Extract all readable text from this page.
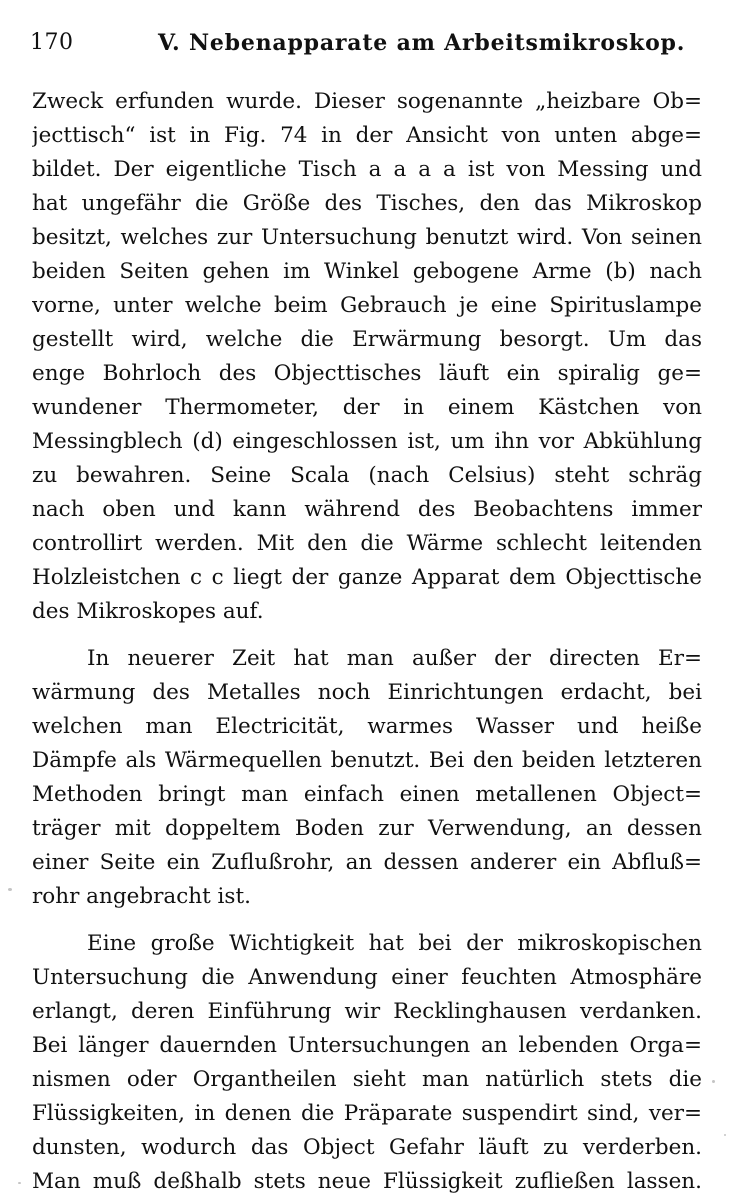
170	V. Nebenapparate am Arbeitsmikroskop.
Zweck erfunden wurde. Dieser sogenannte „heizbare Ob=
jecttisch“ ist in Fig. 74 in der Ansicht von unten abge=
bildet. Der eigentliche Tisch a a a a ist von Messing und
hat ungefähr die Größe des Tisches, den das Mikroskop
besitzt, welches zur Untersuchung benutzt wird. Von seinen
beiden Seiten gehen im Winkel gebogene Arme (b) nach
vorne, unter welche beim Gebrauch je eine Spirituslampe
gestellt wird, welche die Erwärmung besorgt. Um das
enge Bohrloch des Objecttisches läuft ein spiralig ge=
wundener Thermometer, der in einem Kästchen von
Messingblech (d) eingeschlossen ist, um ihn vor Abkühlung
zu bewahren. Seine Scala (nach Celsius) steht schräg
nach oben und kann während des Beobachtens immer
controllirt werden. Mit den die Wärme schlecht leitenden
Holzleistchen c c liegt der ganze Apparat dem Objecttische
des Mikroskopes auf.
In neuerer Zeit hat man außer der directen Er=
wärmung des Metalles noch Einrichtungen erdacht, bei
welchen man Electricität, warmes Wasser und heiße
Dämpfe als Wärmequellen benutzt. Bei den beiden letzteren
Methoden bringt man einfach einen metallenen Object=
träger mit doppeltem Boden zur Verwendung, an dessen
einer Seite ein Zuflußrohr, an dessen anderer ein Abfluß=
rohr angebracht ist.
Eine große Wichtigkeit hat bei der mikroskopischen
Untersuchung die Anwendung einer feuchten Atmosphäre
erlangt, deren Einführung wir Recklinghausen verdanken.
Bei länger dauernden Untersuchungen an lebenden Orga=
nismen oder Organtheilen sieht man natürlich stets die
Flüssigkeiten, in denen die Präparate suspendirt sind, ver=
dunsten, wodurch das Object Gefahr läuft zu verderben.
Man muß deßhalb stets neue Flüssigkeit zufließen lassen.
